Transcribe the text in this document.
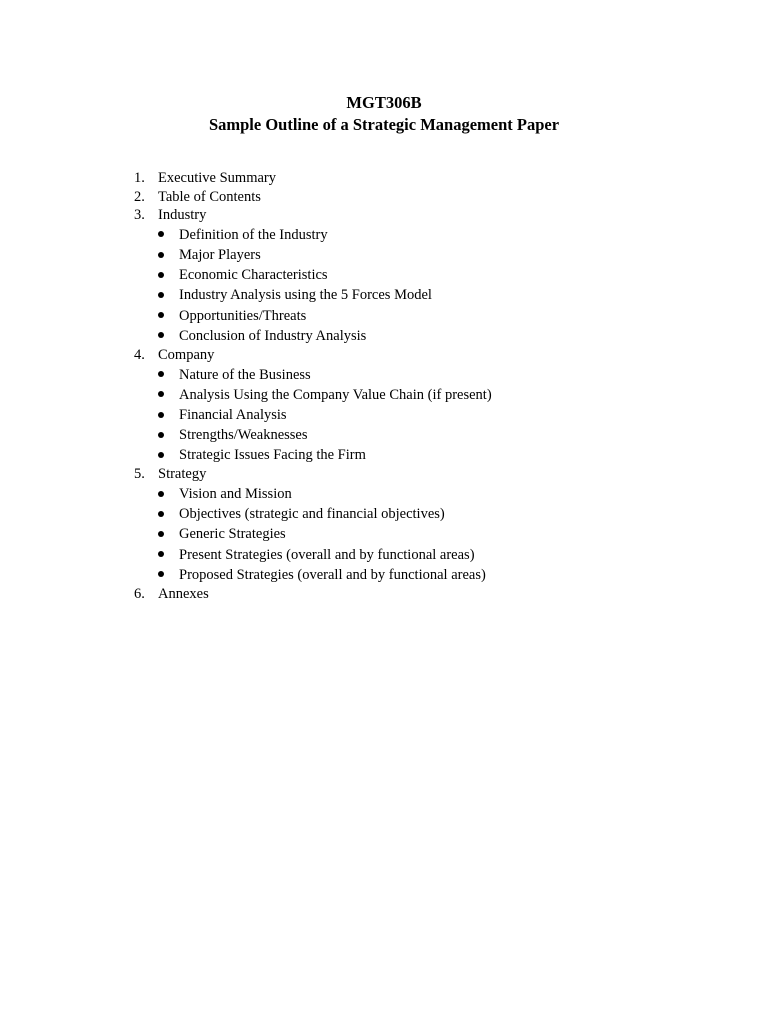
MGT306B
Sample Outline of a Strategic Management Paper
1. Executive Summary
2. Table of Contents
3. Industry
Definition of the Industry
Major Players
Economic Characteristics
Industry Analysis using the 5 Forces Model
Opportunities/Threats
Conclusion of Industry Analysis
4. Company
Nature of the Business
Analysis Using the Company Value Chain (if present)
Financial Analysis
Strengths/Weaknesses
Strategic Issues Facing the Firm
5. Strategy
Vision and Mission
Objectives (strategic and financial objectives)
Generic Strategies
Present Strategies (overall and by functional areas)
Proposed Strategies (overall and by functional areas)
6. Annexes
